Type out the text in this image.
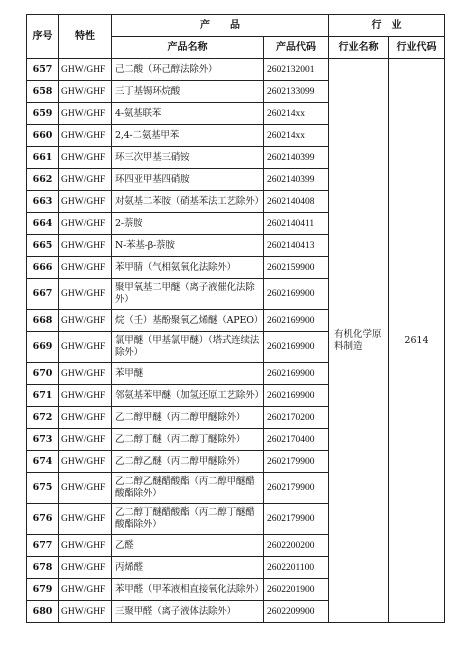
序号	特性	产　　品		行　业	
		产品名称	产品代码	行业名称	行业代码
657	GHW/GHF	己二酸（环己醇法除外）	2602132001	有机化学原料制造	2614
658	GHW/GHF	三丁基锡环烷酸	2602133099		
659	GHW/GHF	4-氨基联苯	260214xx		
660	GHW/GHF	2,4-二氨基甲苯	260214xx		
661	GHW/GHF	环三次甲基三硝铵	2602140399		
662	GHW/GHF	环四亚甲基四硝胺	2602140399		
663	GHW/GHF	对氨基二苯胺（硝基苯法工艺除外）	2602140408		
664	GHW/GHF	2-萘胺	2602140411		
665	GHW/GHF	N-苯基-β-萘胺	2602140413		
666	GHW/GHF	苯甲腈（气相氨氧化法除外）	2602159900		
667	GHW/GHF	聚甲氧基二甲醚（离子液催化法除外）	2602169900		
668	GHW/GHF	烷（壬）基酚聚氧乙烯醚（APEO）	2602169900		
669	GHW/GHF	氯甲醚（甲基氯甲醚）（塔式连续法除外）	2602169900		
670	GHW/GHF	苯甲醚	2602169900		
671	GHW/GHF	邻氨基苯甲醚（加氢还原工艺除外）	2602169900		
672	GHW/GHF	乙二醇甲醚（丙二醇甲醚除外）	2602170200		
673	GHW/GHF	乙二醇丁醚（丙二醇丁醚除外）	2602170400		
674	GHW/GHF	乙二醇乙醚（丙二醇甲醚除外）	2602179900		
675	GHW/GHF	乙二醇乙醚醋酸酯（丙二醇甲醚醋酸酯除外）	2602179900		
676	GHW/GHF	乙二醇丁醚醋酸酯（丙二醇丁醚醋酸酯除外）	2602179900		
677	GHW/GHF	乙醛	2602200200		
678	GHW/GHF	丙烯醛	2602201100		
679	GHW/GHF	苯甲醛（甲苯液相直接氧化法除外）	2602201900		
680	GHW/GHF	三聚甲醛（离子液体法除外）	2602209900		
